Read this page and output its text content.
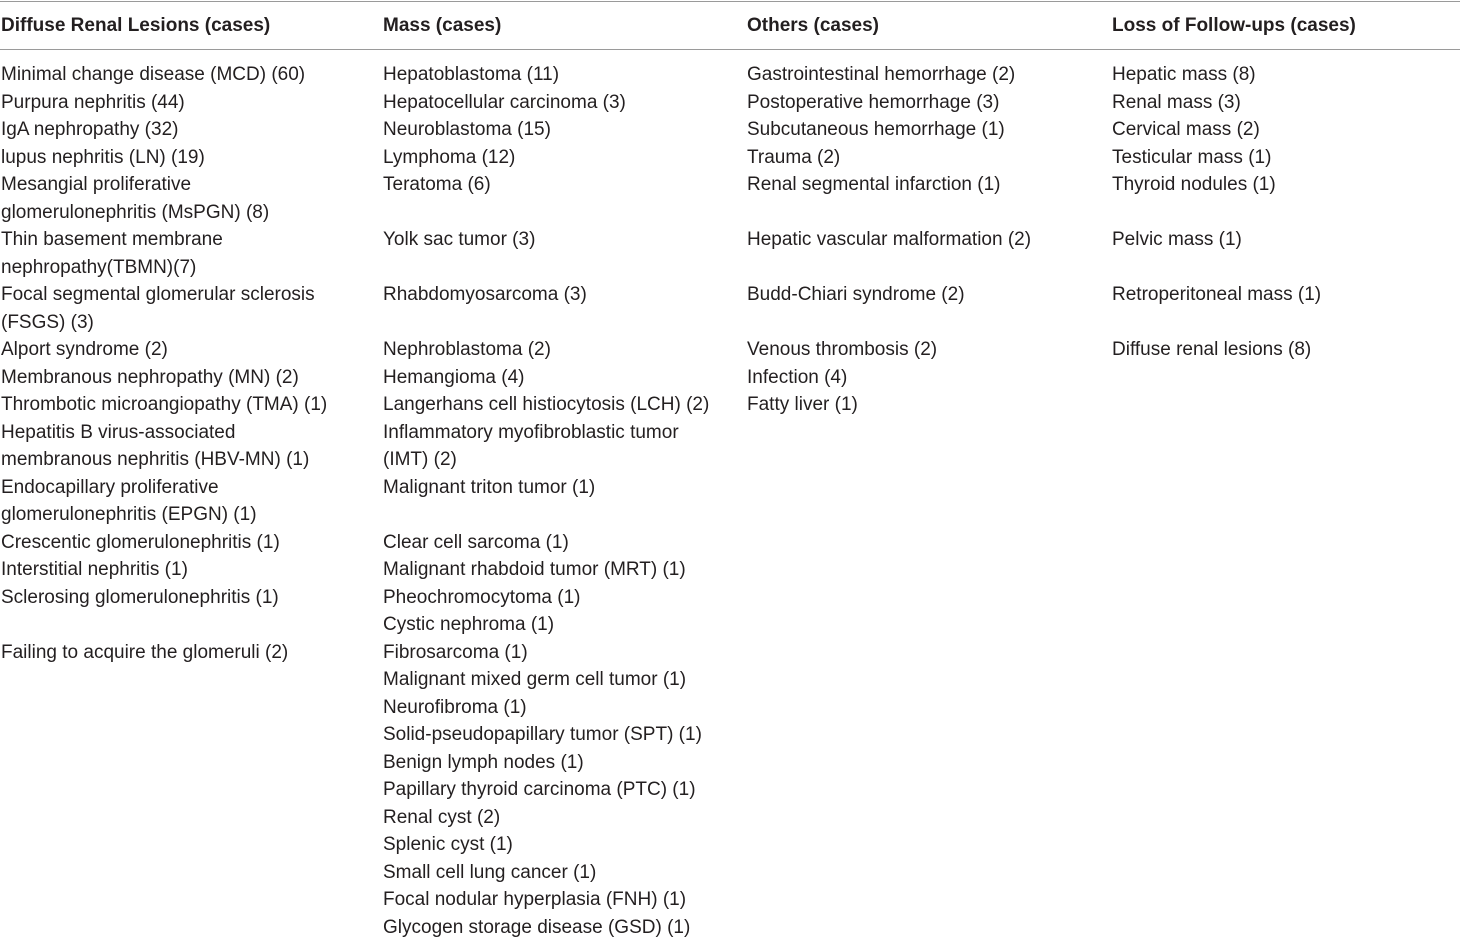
Diffuse Renal Lesions (cases)
Minimal change disease (MCD) (60)
Purpura nephritis (44)
IgA nephropathy (32)
lupus nephritis (LN) (19)
Mesangial proliferative
glomerulonephritis (MsPGN) (8)
Thin basement membrane
nephropathy(TBMN)(7)
Focal segmental glomerular sclerosis
(FSGS) (3)
Alport syndrome (2)
Membranous nephropathy (MN) (2)
Thrombotic microangiopathy (TMA) (1)
Hepatitis B virus-associated
membranous nephritis (HBV-MN) (1)
Endocapillary proliferative
glomerulonephritis (EPGN) (1)
Crescentic glomerulonephritis (1)
Interstitial nephritis (1)
Sclerosing glomerulonephritis (1)
Failing to acquire the glomeruli (2)
Mass (cases)
Hepatoblastoma (11)
Hepatocellular carcinoma (3)
Neuroblastoma (15)
Lymphoma (12)
Teratoma (6)
Yolk sac tumor (3)
Rhabdomyosarcoma (3)
Nephroblastoma (2)
Hemangioma (4)
Langerhans cell histiocytosis (LCH) (2)
Inflammatory myofibroblastic tumor
(IMT) (2)
Malignant triton tumor (1)
Clear cell sarcoma (1)
Malignant rhabdoid tumor (MRT) (1)
Pheochromocytoma (1)
Cystic nephroma (1)
Fibrosarcoma (1)
Malignant mixed germ cell tumor (1)
Neurofibroma (1)
Solid-pseudopapillary tumor (SPT) (1)
Benign lymph nodes (1)
Papillary thyroid carcinoma (PTC) (1)
Renal cyst (2)
Splenic cyst (1)
Small cell lung cancer (1)
Focal nodular hyperplasia (FNH) (1)
Glycogen storage disease (GSD) (1)
Others (cases)
Gastrointestinal hemorrhage (2)
Postoperative hemorrhage (3)
Subcutaneous hemorrhage (1)
Trauma (2)
Renal segmental infarction (1)
Hepatic vascular malformation (2)
Budd-Chiari syndrome (2)
Venous thrombosis (2)
Infection (4)
Fatty liver (1)
Loss of Follow-ups (cases)
Hepatic mass (8)
Renal mass (3)
Cervical mass (2)
Testicular mass (1)
Thyroid nodules (1)
Pelvic mass (1)
Retroperitoneal mass (1)
Diffuse renal lesions (8)
